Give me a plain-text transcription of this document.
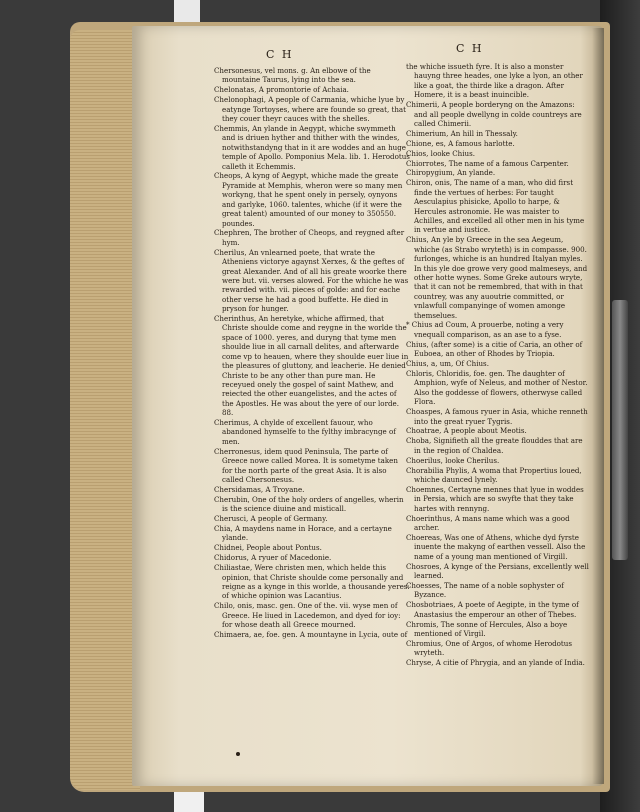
C H	C H

Chersonesus, vel mons. g. An elbowe of the mountaine Taurus, lying into the sea.

Chelonatas, A promontorie of Achaia.

Chelonophagi, A people of Carmania, whiche lyue by eatynge Tortoyses, where are founde so great, that they couer theyr cauces with the shelles.

Chemmis, An ylande in Aegypt, whiche swymmeth and is driuen hyther and thither with the windes, notwithstandyng that in it are woddes and an huge temple of Apollo. Pomponius Mela. lib. 1. Herodotus calleth it Echemmis.

Cheops, A kyng of Aegypt, whiche made the greate Pyramide at Memphis, wheron were so many men workyng, that he spent onely in persely, oynyons and garlyke, 1060. talentes, whiche (if it were the great talent) amounted of our money to 350550. poundes.

Chephren, The brother of Cheops, and reygned after hym.

Cherilus, An vnlearned poete, that wrate the Atheniens victorye agaynst Xerxes, & the geftes of great Alexander. And of all his greate woorke there were but. vii. verses alowed. For the whiche he was rewarded with. vii. pieces of golde: and for eache other verse he had a good buffette. He died in pryson for hunger.

Cherinthus, An heretyke, whiche affirmed, that Christe shoulde come and reygne in the worlde the space of 1000. yeres, and duryng that tyme men shoulde liue in all carnall delites, and afterwarde come vp to heauen, where they shoulde euer liue in the pleasures of gluttony, and leacherie. He denied Christe to be any other than pure man. He receyued onely the gospel of saint Mathew, and reiected the other euangelistes, and the actes of the Apostles. He was about the yere of our lorde. 88.

Cherimus, A chylde of excellent fauour, who abandoned hymselfe to the fylthy imbracynge of men.

Cherronesus, idem quod Peninsula, The parte of Greece nowe called Morea. It is sometyme taken for the north parte of the great Asia. It is also called Chersonesus.

Chersidamas, A Troyane.

Cherubin, One of the holy orders of angelles, wherin is the science diuine and misticall.

Cherusci, A people of Germany.

Chia, A maydens name in Horace, and a certayne ylande.

Chidnei, People about Pontus.

Chidorus, A ryuer of Macedonie.

Chiliastae, Were christen men, which helde this opinion, that Christe shoulde come personally and reigne as a kynge in this worlde, a thousande yeres: of whiche opinion was Lacantius.

Chilo, onis, masc. gen. One of the. vii. wyse men of Greece. He liued in Lacedemon, and dyed for ioy: for whose death all Greece mourned.

Chimaera, ae, foe. gen. A mountayne in Lycia, oute of

the whiche issueth fyre. It is also a monster hauyng three heades, one lyke a lyon, an other like a goat, the thirde like a dragon. After Homere, it is a beast inuincible.

Chimerii, A people borderyng on the Amazons: and all people dwellyng in colde countreys are called Chimerii.

Chimerium, An hill in Thessaly.

Chione, es, A famous harlotte.

Chios, looke Chius.

Chiorrotes, The name of a famous Carpenter.

Chiropygium, An ylande.

Chiron, onis, The name of a man, who did first finde the vertues of herbes: For taught Aesculapius phisicke, Apollo to harpe, & Hercules astronomie. He was maister to Achilles, and excelled all other men in his tyme in vertue and iustice.

Chius, An yle by Greece in the sea Aegeum, whiche (as Strabo wryteth) is in compasse. 900. furlonges, whiche is an hundred Italyan myles. In this yle doe growe very good malmeseys, and other hotte wynes. Some Greke autours wryte, that it can not be remembred, that with in that countrey, was any auoutrie committed, or vnlawfull companyinge of women amonge themselues.

* Chius ad Coum, A prouerbe, noting a very vnequall comparison, as an ase to a fyse.

Chius, (after some) is a citie of Caria, an other of Euboea, an other of Rhodes by Triopia.

Chius, a, um, Of Chius.

Chloris, Chloridis, foe. gen. The daughter of Amphion, wyfe of Neleus, and mother of Nestor. Also the goddesse of flowers, otherwyse called Flora.

Choaspes, A famous ryuer in Asia, whiche renneth into the great ryuer Tygris.

Choatrae, A people about Meotis.

Choba, Signifieth all the greate flouddes that are in the region of Chaldea.

Choerilus, looke Cherilus.

Chorabilia Phylis, A woma that Propertius loued, whiche daunced lynely.

Choemnes, Certayne mennes that lyue in woddes in Persia, which are so swyfte that they take hartes with rennyng.

Choerinthus, A mans name which was a good archer.

Choereas, Was one of Athens, whiche dyd fyrste inuente the makyng of earthen vessell. Also the name of a young man mentioned of Virgill.

Chosroes, A kynge of the Persians, excellently well learned.

Choesses, The name of a noble sophyster of Byzance.

Chosbotriaes, A poete of Aegipte, in the tyme of Anastasius the emperour an other of Thebes.

Chromis, The sonne of Hercules, Also a boye mentioned of Virgil.

Chromius, One of Argos, of whome Herodotus wryteth.

Chryse, A citie of Phrygia, and an ylande of India.
